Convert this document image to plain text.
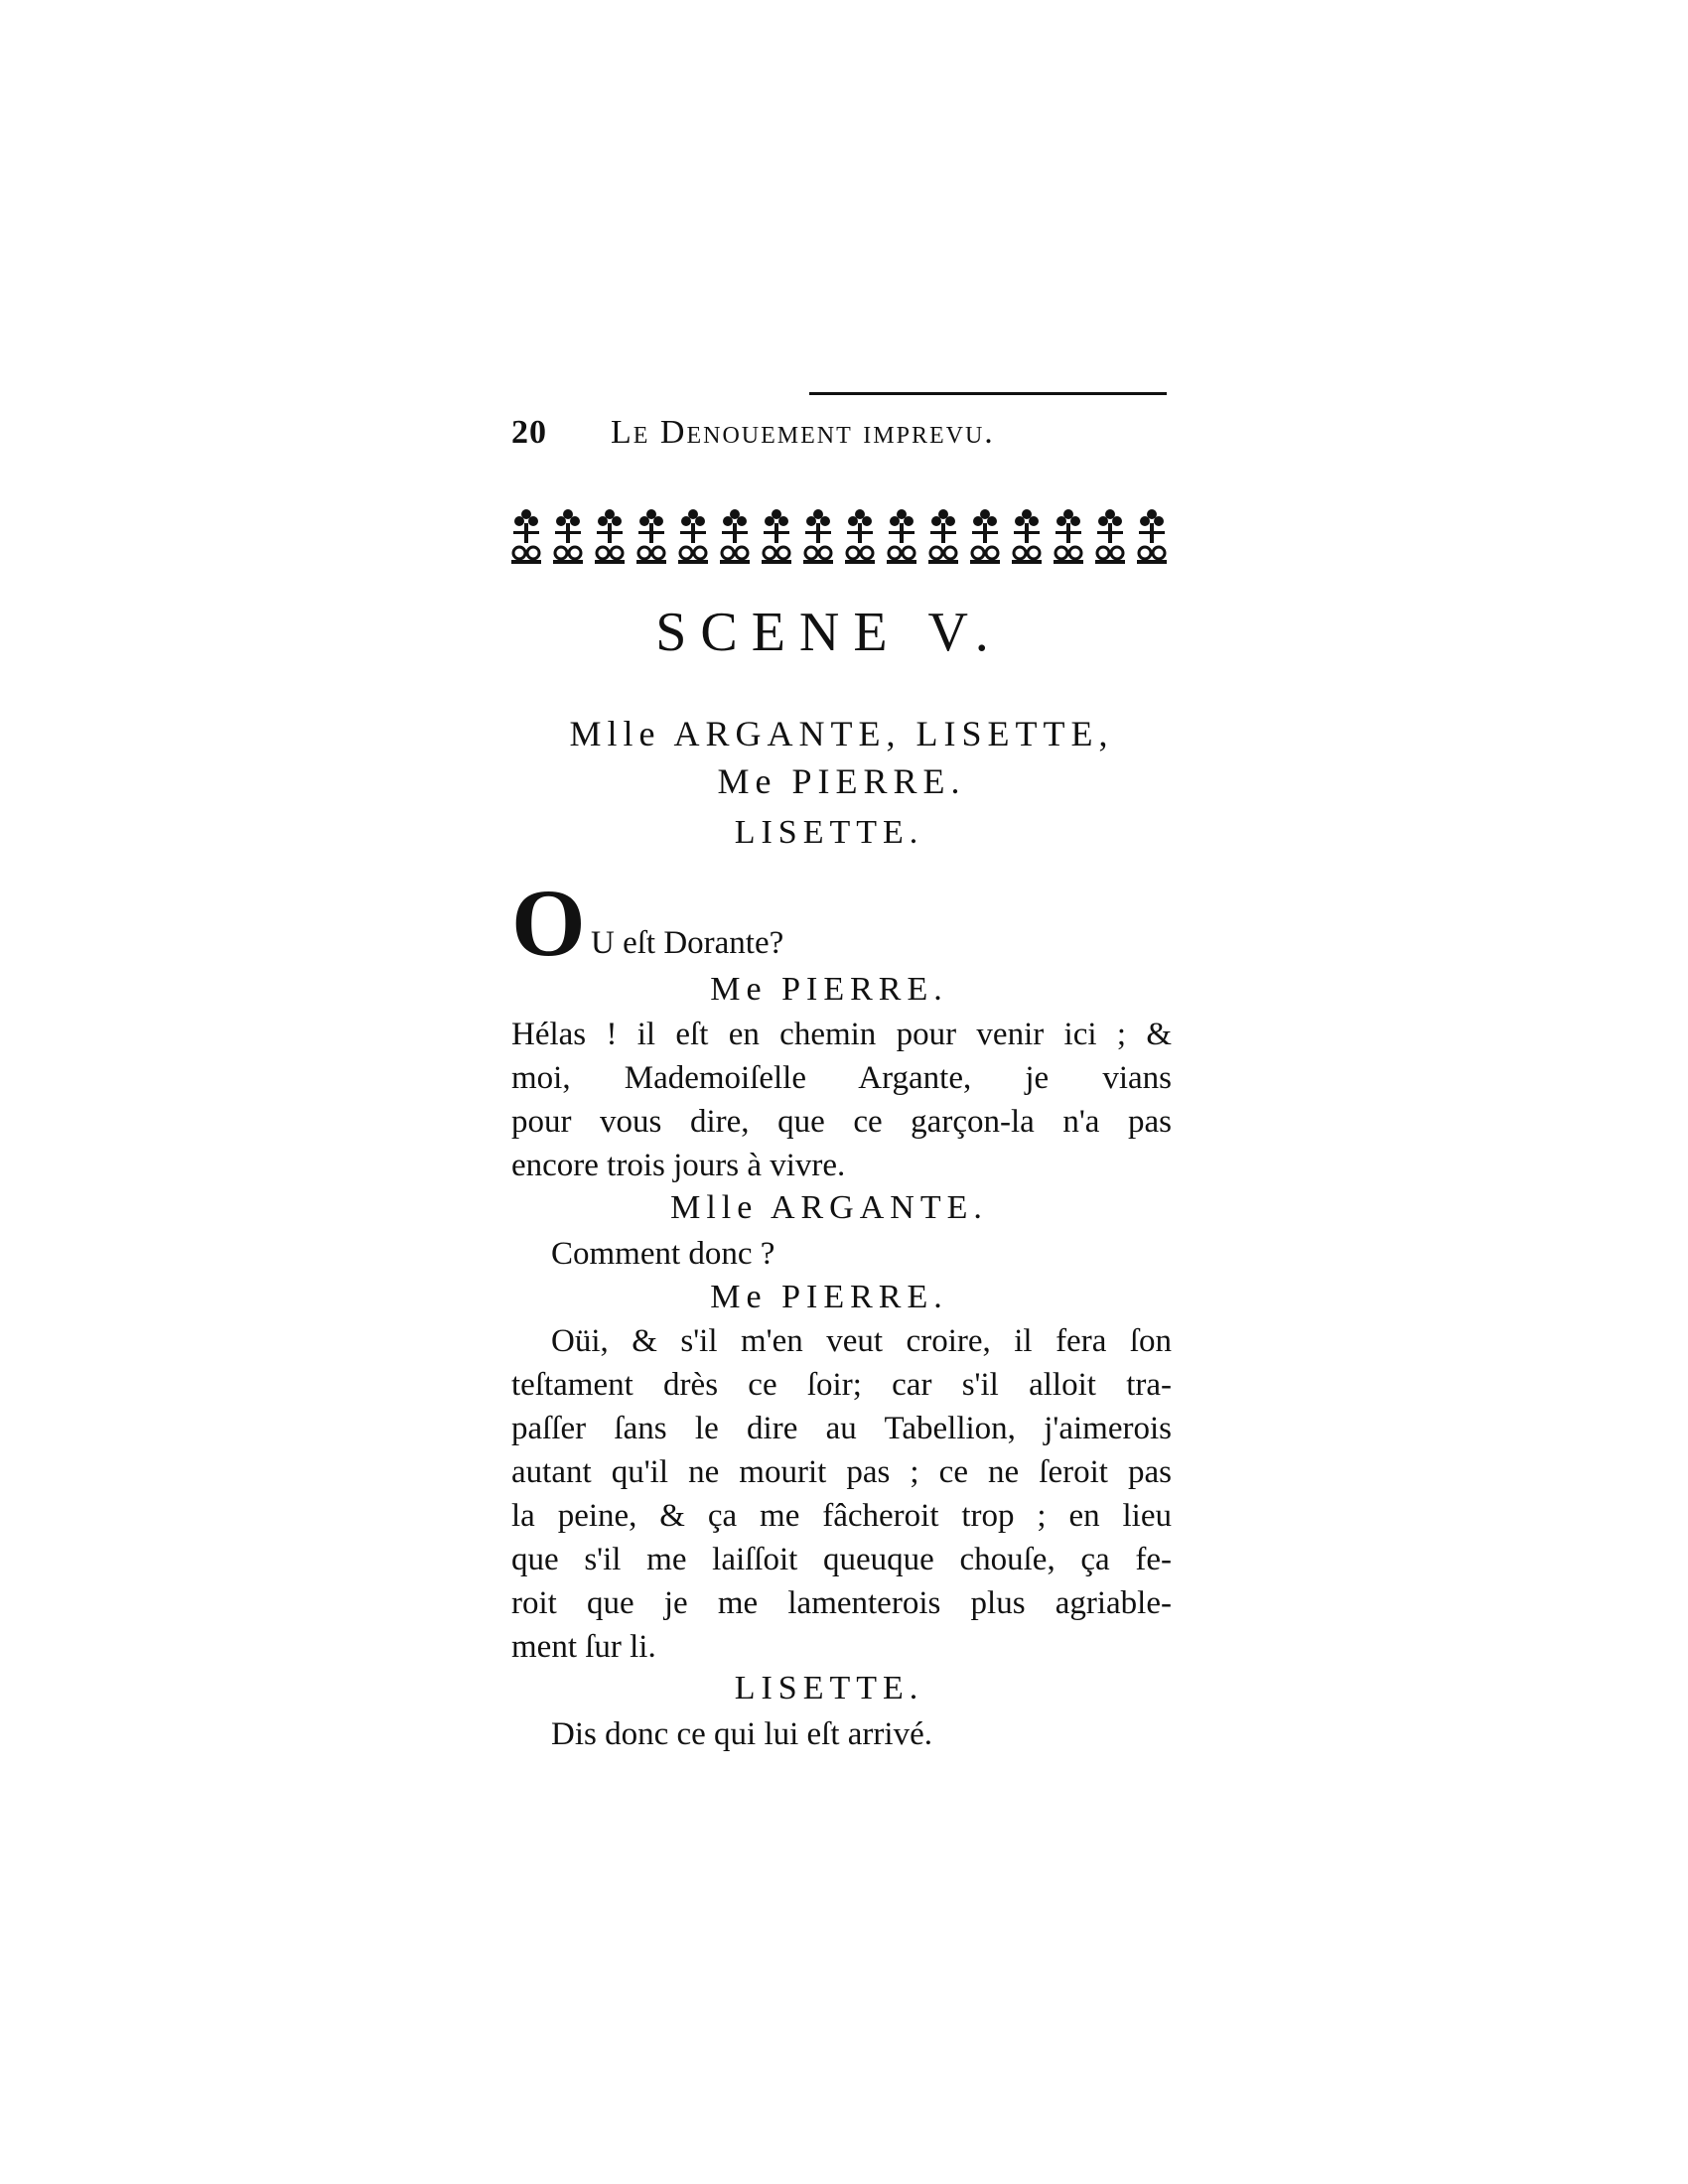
20 Le Denouement imprevu.
SCENE V.
Mlle ARGANTE, LISETTE,
Me PIERRE.
LISETTE.
O U eſt Dorante?
Me PIERRE.
Hélas ! il eſt en chemin pour venir ici ; &
moi, Mademoiſelle Argante, je vians
pour vous dire, que ce garçon-la n'a pas
encore trois jours à vivre.
Mlle ARGANTE.
Comment donc ?
Me PIERRE.
Oüi, & s'il m'en veut croire, il fera ſon
teſtament drès ce ſoir; car s'il alloit tra-
paſſer ſans le dire au Tabellion, j'aimerois
autant qu'il ne mourit pas ; ce ne ſeroit pas
la peine, & ça me fâcheroit trop ; en lieu
que s'il me laiſſoit queuque chouſe, ça fe-
roit que je me lamenterois plus agriable-
ment ſur li.
LISETTE.
Dis donc ce qui lui eſt arrivé.
